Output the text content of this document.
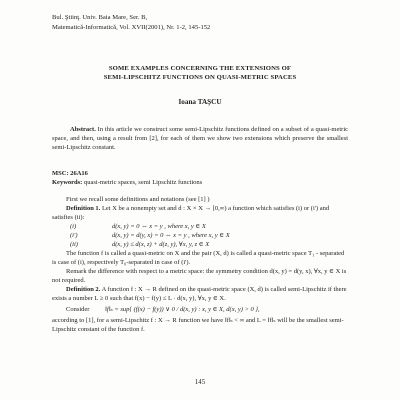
Bul. Ştiinţ. Univ. Baia Mare, Ser. B,
Matematică-Informatică, Vol. XVII(2001), Nr. 1-2, 145-152
SOME EXAMPLES CONCERNING THE EXTENSIONS OF
SEMI-LIPSCHITZ FUNCTIONS ON QUASI-METRIC SPACES
Ioana TAŞCU

Abstract. In this article we construct some semi-Lipschitz functions defined on a subset of a quasi-metric space, and then, using a result from [2], for each of them we show two extensions which preserve the smallest semi-Lipschitz constant.

MSC: 26A16
Keywords: quasi-metric spaces, semi Lipschitz functions

First we recall some definitions and notations (see [1] )

Definition 1. Let X be a nonempty set and d : X × X → [0,∞) a function which satisfies (i) or (i') and satisfies (ii):

(i)	d(x, y) = 0 ⇔ x = y , where x, y ∈ X

(i')	d(x, y) = d(y, x) = 0 ⇔ x = y , where x, y ∈ X

(ii)	d(x, y) ≤ d(x, z) + d(z, y), ∀x, y, z ∈ X

The function f is called a quasi-metric on X and the pair (X, d) is called a quasi-metric space T₁ - separated is case of (i), respectively T₀-separated in case of (i').

Remark the difference with respect to a metric space: the symmetry condition d(x, y) = d(y, x), ∀x, y ∈ X is not required.

Definition 2. A function f : X → R defined on the quasi-metric space (X, d) is called semi-Lipschitz if there exists a number L ≥ 0 such that f(x) − f(y) ≤ L · d(x, y), ∀x, y ∈ X.

Consider ‖f‖ₛ = sup{ (f(x) − f(y)) ∨ 0 / d(x, y) : x, y ∈ X, d(x, y) > 0 },

according to [1], for a semi-Lipschitz f : X → R function we have ‖f‖ₛ < ∞ and L = ‖f‖ₛ will be the smallest semi-Lipschitz constant of the function f.

145
